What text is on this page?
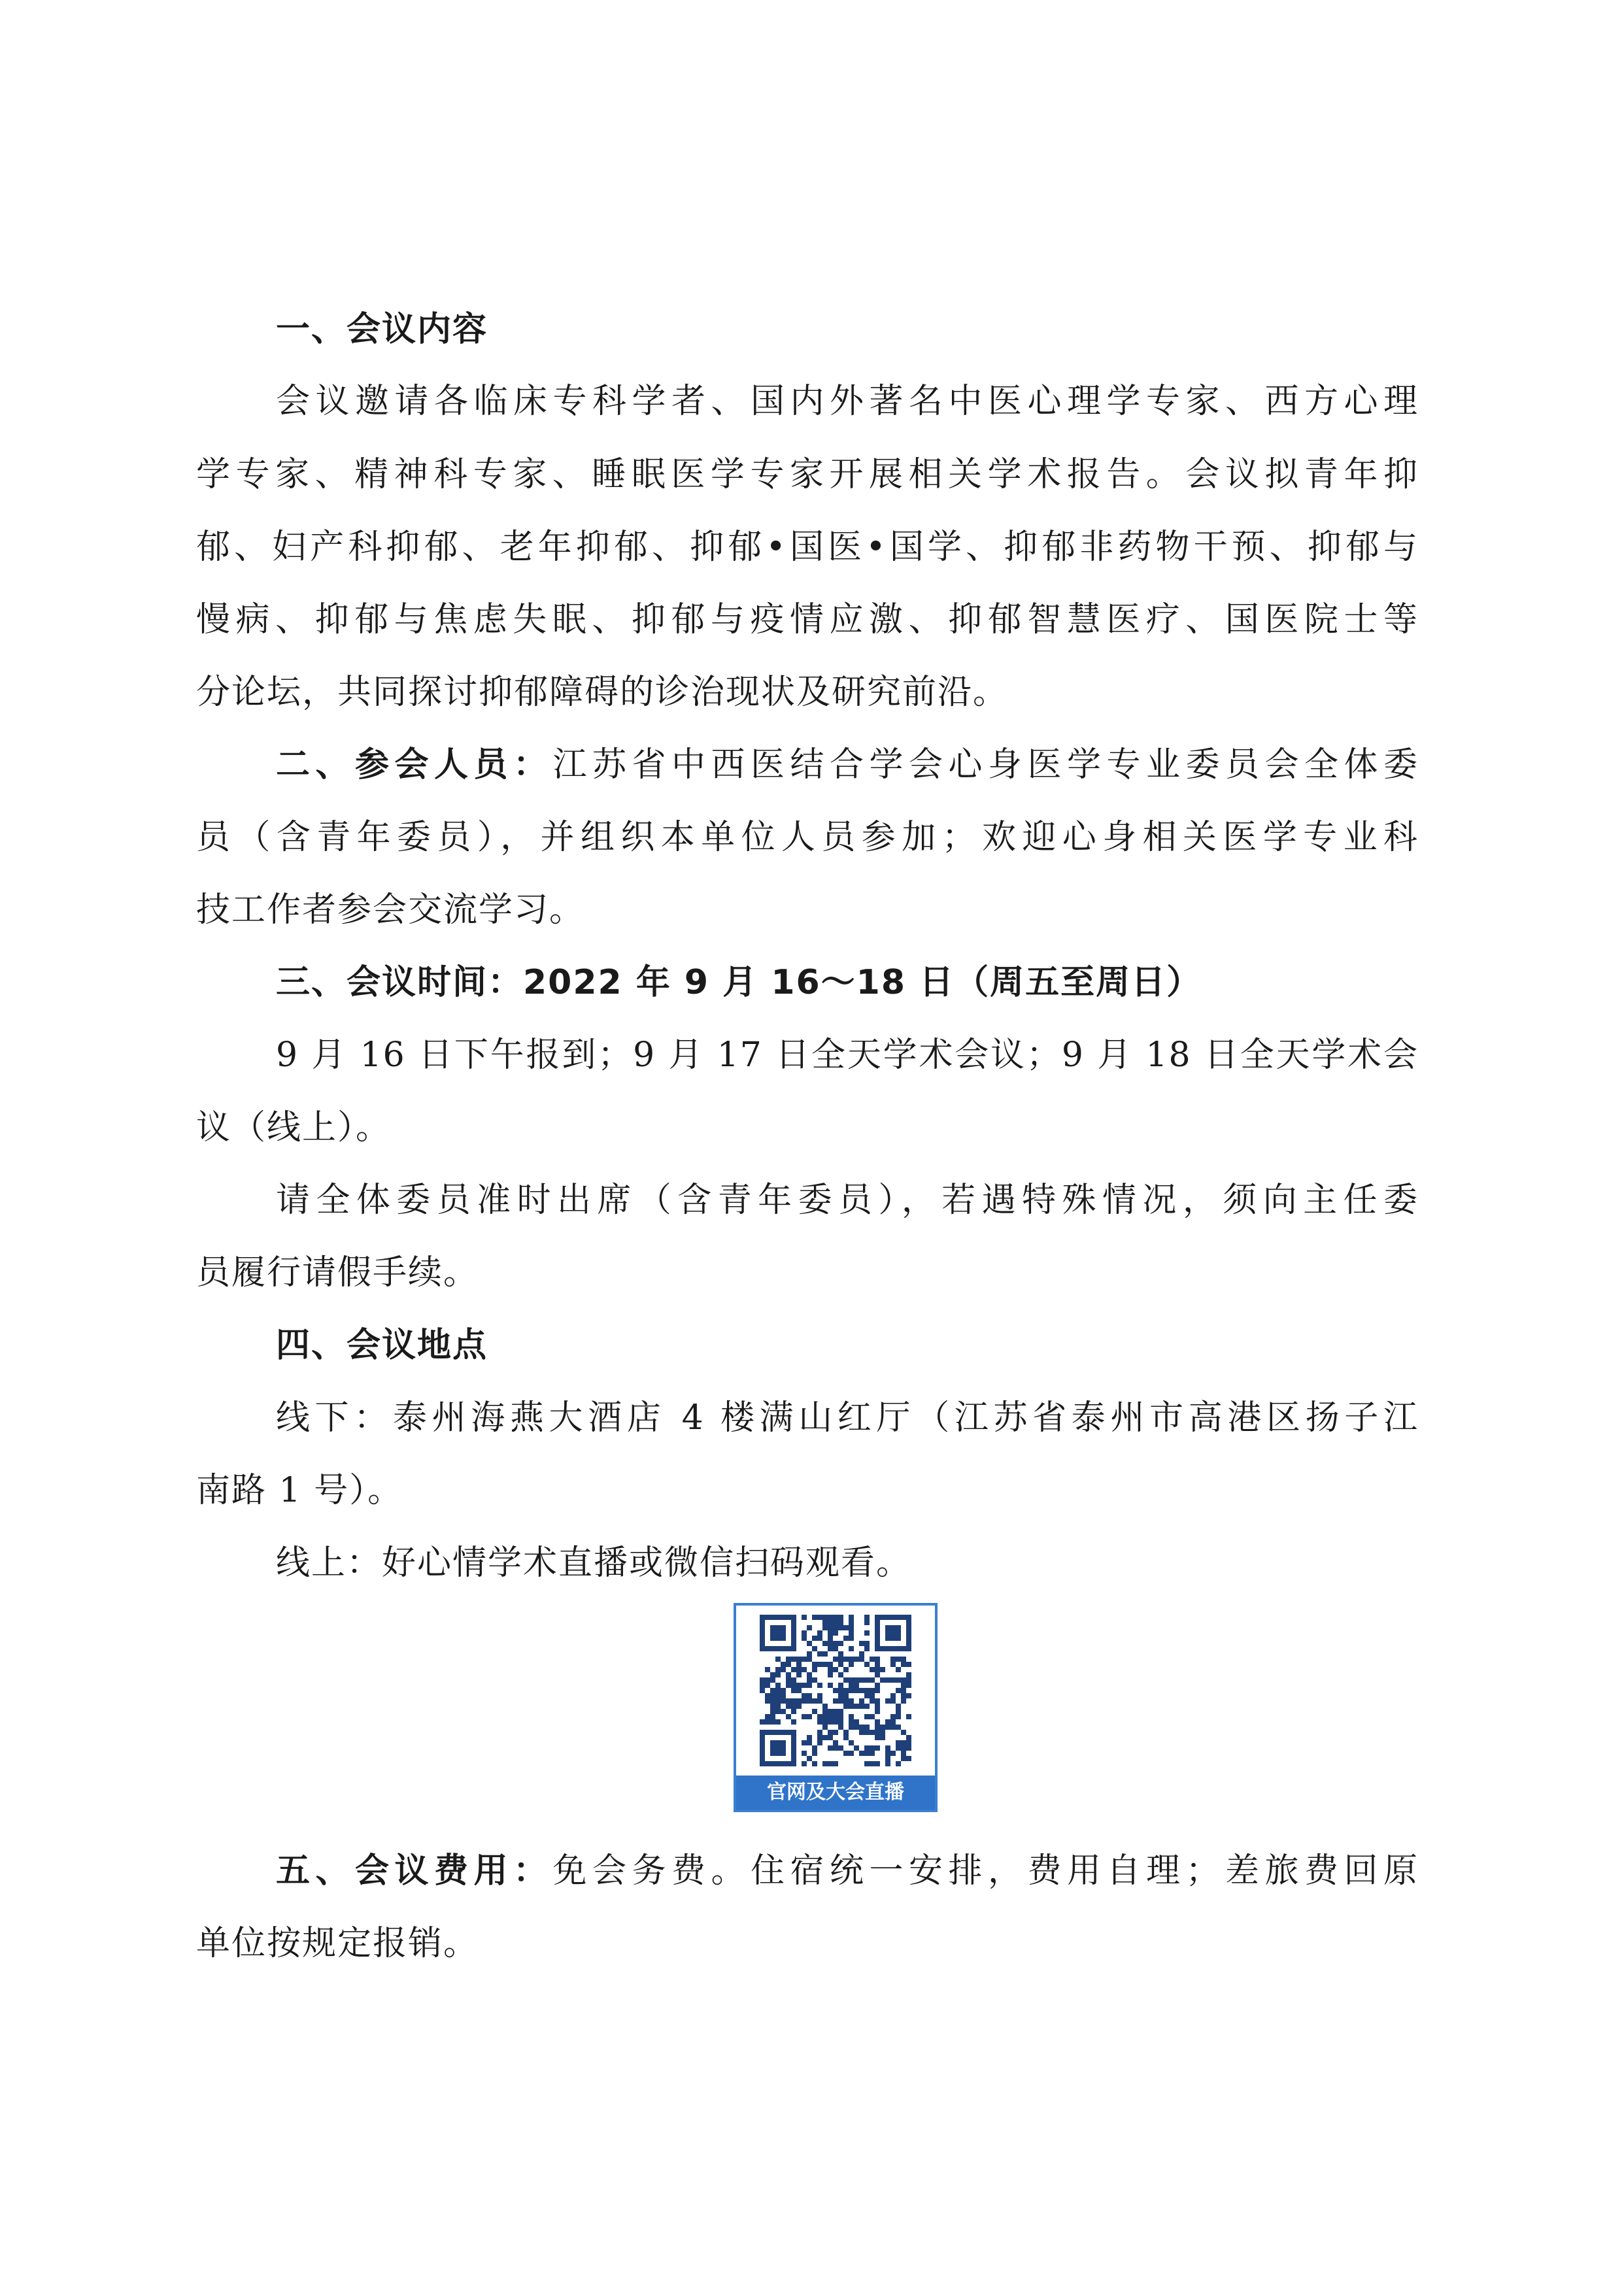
一、会议内容
会议邀请各临床专科学者、国内外著名中医心理学专家、西方心理
学专家、精神科专家、睡眠医学专家开展相关学术报告。会议拟青年抑
郁、妇产科抑郁、老年抑郁、抑郁•国医•国学、抑郁非药物干预、抑郁与
慢病、抑郁与焦虑失眠、抑郁与疫情应激、抑郁智慧医疗、国医院士等
分论坛，共同探讨抑郁障碍的诊治现状及研究前沿。
二、参会人员：江苏省中西医结合学会心身医学专业委员会全体委
员（含青年委员），并组织本单位人员参加；欢迎心身相关医学专业科
技工作者参会交流学习。
三、会议时间：2022 年 9 月 16～18 日（周五至周日）
9 月 16 日下午报到；9 月 17 日全天学术会议；9 月 18 日全天学术会
议（线上）。
请全体委员准时出席（含青年委员），若遇特殊情况，须向主任委
员履行请假手续。
四、会议地点
线下：泰州海燕大酒店 4 楼满山红厅（江苏省泰州市高港区扬子江
南路 1 号）。
线上：好心情学术直播或微信扫码观看。
官网及大会直播
五、会议费用：免会务费。住宿统一安排，费用自理；差旅费回原
单位按规定报销。
